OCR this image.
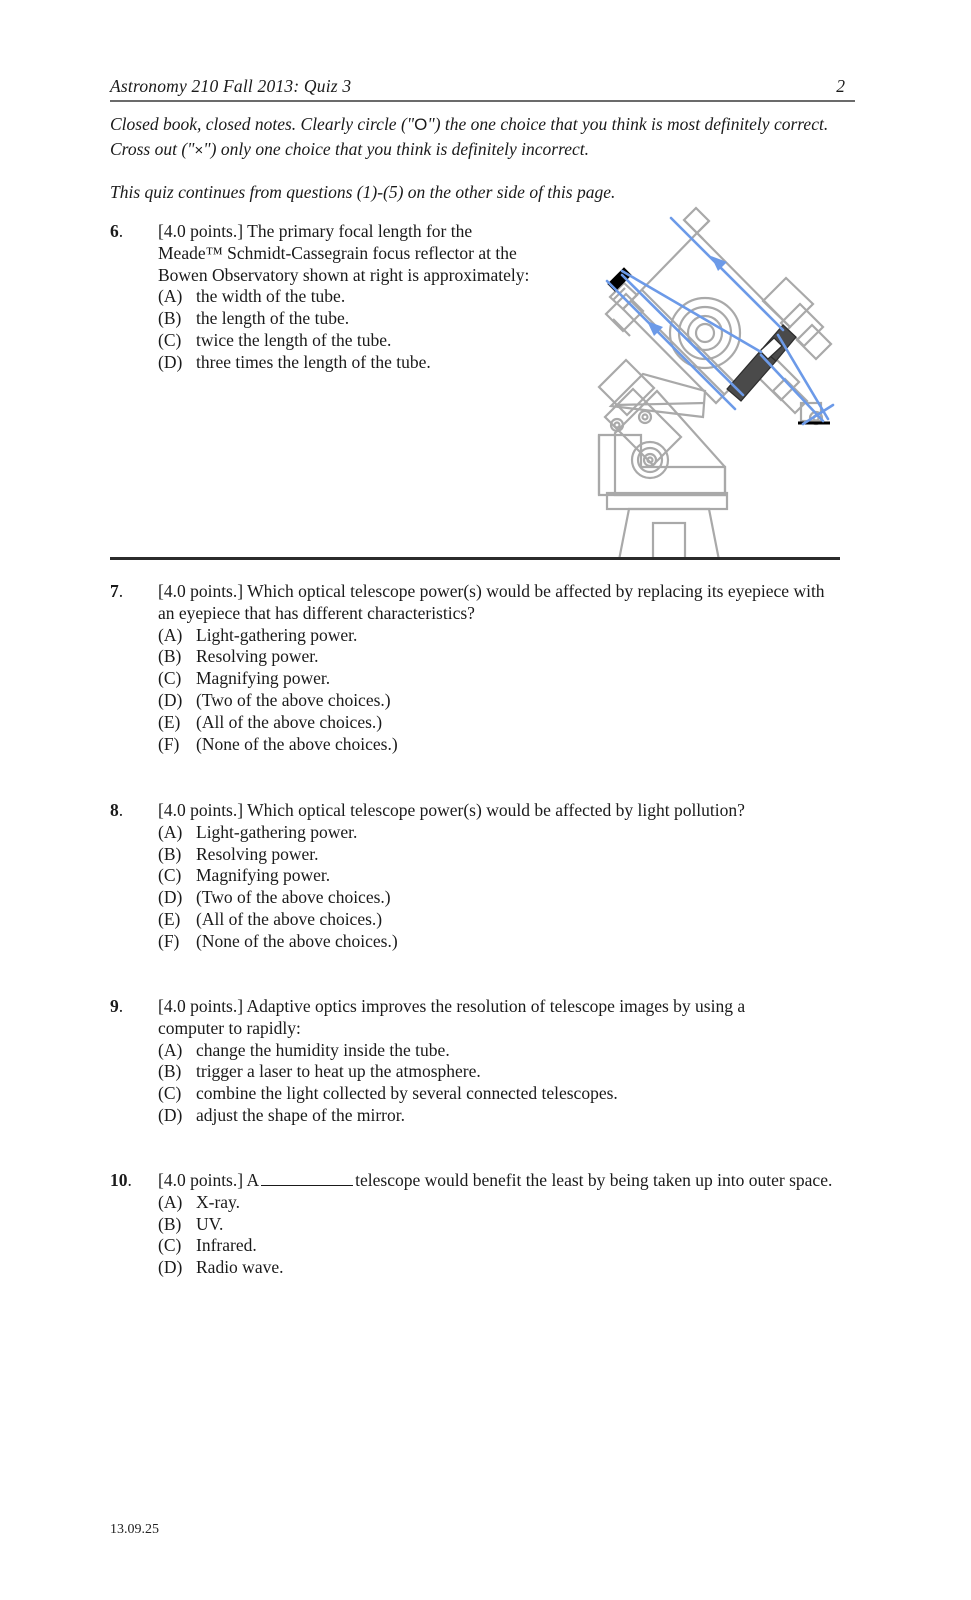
Astronomy 210 Fall 2013: Quiz 3	2
Closed book, closed notes. Clearly circle ("O") the one choice that you think is most definitely correct. Cross out ("×") only one choice that you think is definitely incorrect.
This quiz continues from questions (1)-(5) on the other side of this page.
6.	[4.0 points.] The primary focal length for the Meade™ Schmidt-Cassegrain focus reflector at the Bowen Observatory shown at right is approximately:
(A) the width of the tube.
(B) the length of the tube.
(C) twice the length of the tube.
(D) three times the length of the tube.
7.	[4.0 points.] Which optical telescope power(s) would be affected by replacing its eyepiece with an eyepiece that has different characteristics?
(A) Light-gathering power.
(B) Resolving power.
(C) Magnifying power.
(D) (Two of the above choices.)
(E) (All of the above choices.)
(F) (None of the above choices.)
8.	[4.0 points.] Which optical telescope power(s) would be affected by light pollution?
(A) Light-gathering power.
(B) Resolving power.
(C) Magnifying power.
(D) (Two of the above choices.)
(E) (All of the above choices.)
(F) (None of the above choices.)
9.	[4.0 points.] Adaptive optics improves the resolution of telescope images by using a computer to rapidly:
(A) change the humidity inside the tube.
(B) trigger a laser to heat up the atmosphere.
(C) combine the light collected by several connected telescopes.
(D) adjust the shape of the mirror.
10.	[4.0 points.] A	telescope would benefit the least by being taken up into outer space.
(A) X-ray.
(B) UV.
(C) Infrared.
(D) Radio wave.
13.09.25
